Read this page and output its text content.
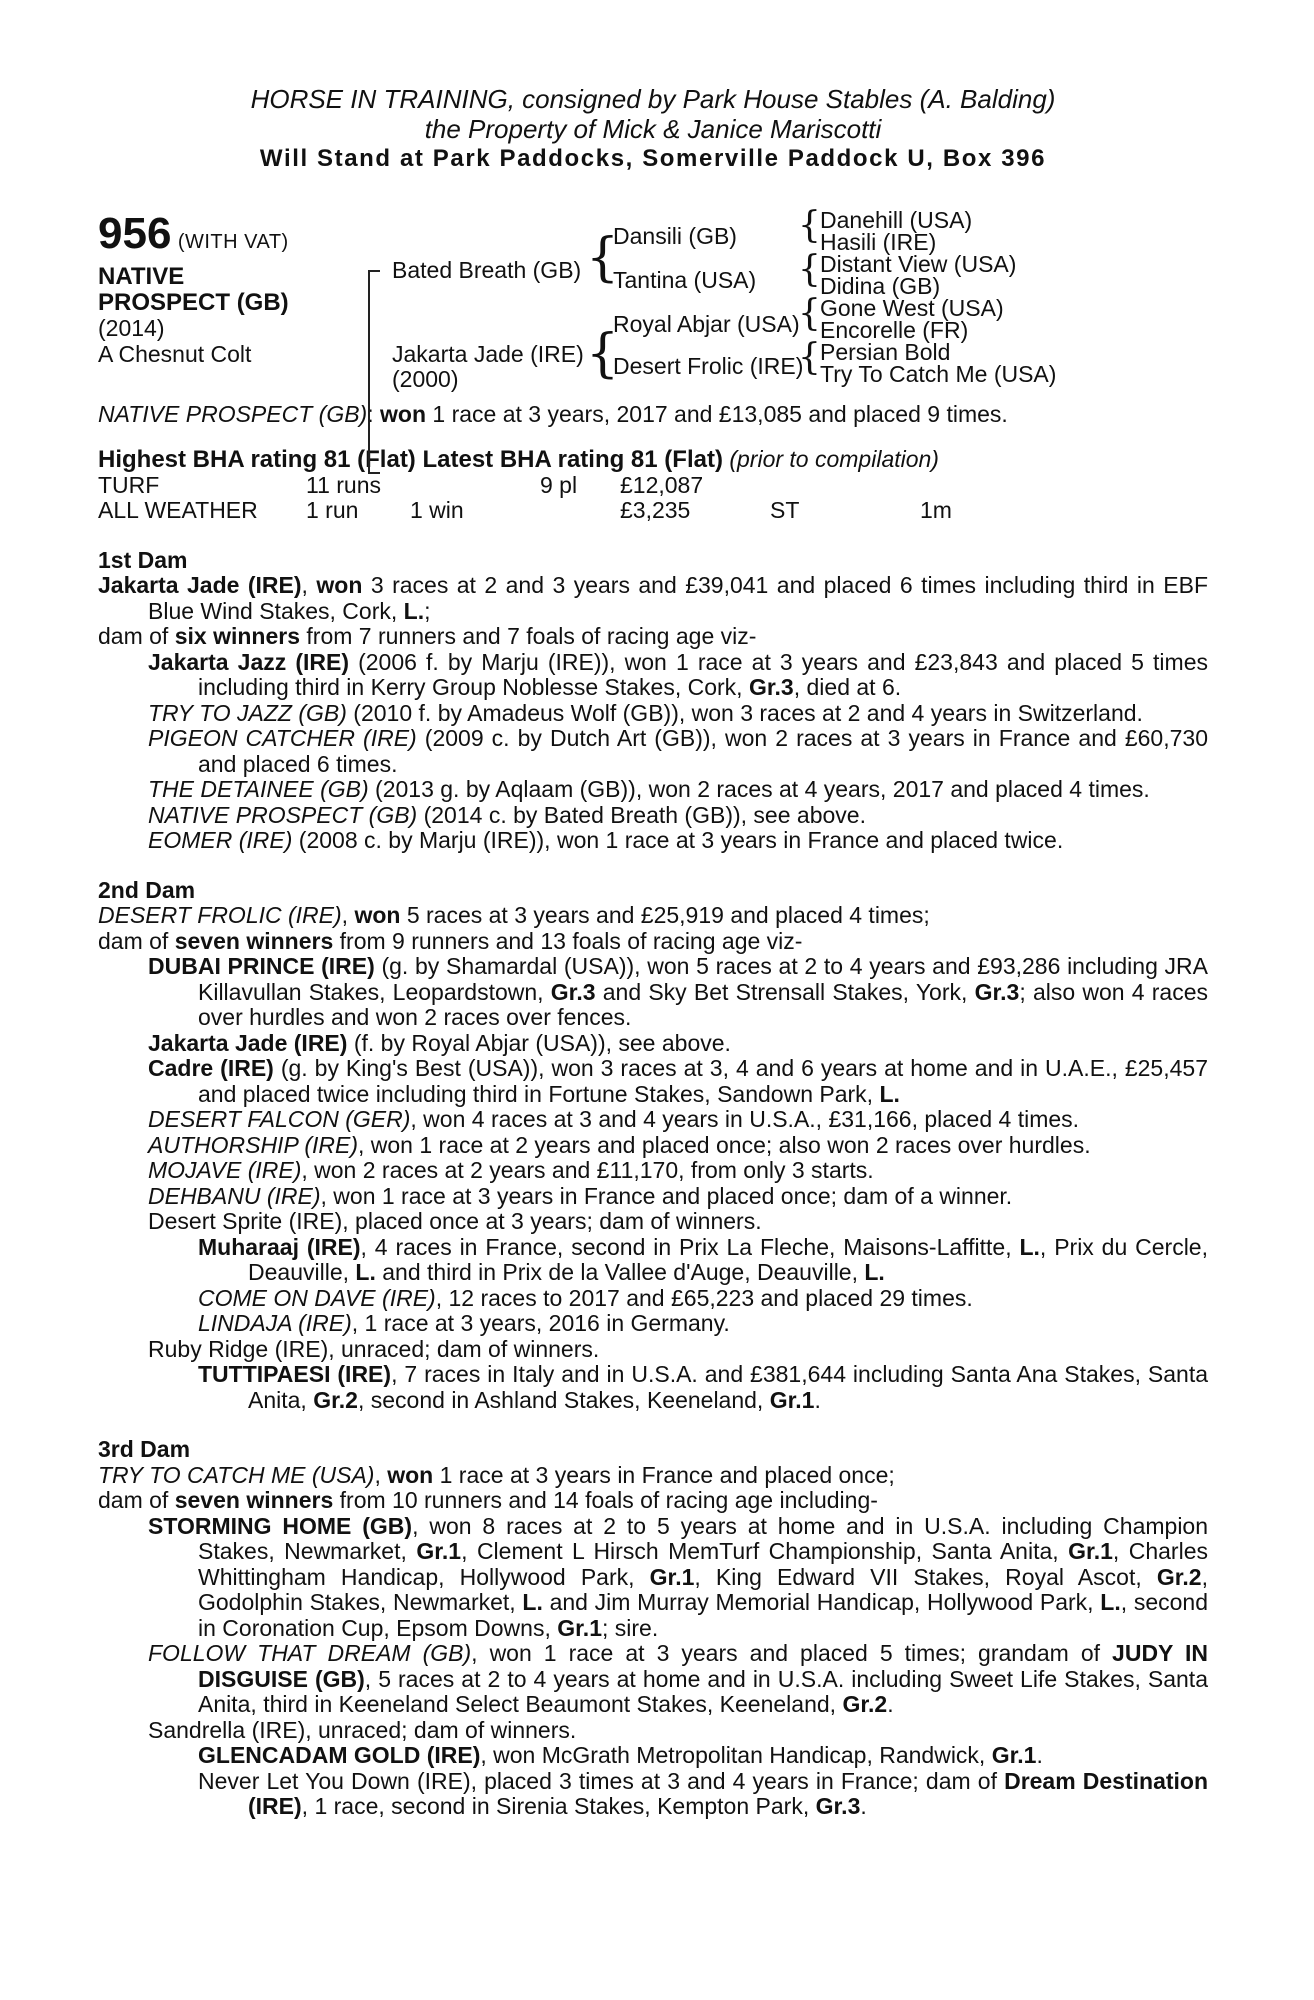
HORSE IN TRAINING, consigned by Park House Stables (A. Balding)
the Property of Mick & Janice Mariscotti
Will Stand at Park Paddocks, Somerville Paddock U, Box 396
956 (WITH VAT)
NATIVE
PROSPECT (GB)
(2014)
A Chesnut Colt
Bated Breath (GB)
Jakarta Jade (IRE)
(2000)
{
Dansili (GB)
Tantina (USA)
{
Royal Abjar (USA)
Desert Frolic (IRE)
{ Danehill (USA)
Hasili (IRE)
{ Distant View (USA)
Didina (GB)
{ Gone West (USA)
Encorelle (FR)
{ Persian Bold
Try To Catch Me (USA)

NATIVE PROSPECT (GB): won 1 race at 3 years, 2017 and £13,085 and placed 9 times.

Highest BHA rating 81 (Flat) Latest BHA rating 81 (Flat) (prior to compilation)

TURF	11 runs		9 pl	£12,087		
ALL WEATHER	1 run	1 win		£3,235	ST	1m

1st Dam

Jakarta Jade (IRE), won 3 races at 2 and 3 years and £39,041 and placed 6 times including third in EBF Blue Wind Stakes, Cork, L.;

dam of six winners from 7 runners and 7 foals of racing age viz-

Jakarta Jazz (IRE) (2006 f. by Marju (IRE)), won 1 race at 3 years and £23,843 and placed 5 times including third in Kerry Group Noblesse Stakes, Cork, Gr.3, died at 6.

TRY TO JAZZ (GB) (2010 f. by Amadeus Wolf (GB)), won 3 races at 2 and 4 years in Switzerland.

PIGEON CATCHER (IRE) (2009 c. by Dutch Art (GB)), won 2 races at 3 years in France and £60,730 and placed 6 times.

THE DETAINEE (GB) (2013 g. by Aqlaam (GB)), won 2 races at 4 years, 2017 and placed 4 times.

NATIVE PROSPECT (GB) (2014 c. by Bated Breath (GB)), see above.

EOMER (IRE) (2008 c. by Marju (IRE)), won 1 race at 3 years in France and placed twice.

2nd Dam

DESERT FROLIC (IRE), won 5 races at 3 years and £25,919 and placed 4 times;

dam of seven winners from 9 runners and 13 foals of racing age viz-

DUBAI PRINCE (IRE) (g. by Shamardal (USA)), won 5 races at 2 to 4 years and £93,286 including JRA Killavullan Stakes, Leopardstown, Gr.3 and Sky Bet Strensall Stakes, York, Gr.3; also won 4 races over hurdles and won 2 races over fences.

Jakarta Jade (IRE) (f. by Royal Abjar (USA)), see above.

Cadre (IRE) (g. by King's Best (USA)), won 3 races at 3, 4 and 6 years at home and in U.A.E., £25,457 and placed twice including third in Fortune Stakes, Sandown Park, L.

DESERT FALCON (GER), won 4 races at 3 and 4 years in U.S.A., £31,166, placed 4 times.

AUTHORSHIP (IRE), won 1 race at 2 years and placed once; also won 2 races over hurdles.

MOJAVE (IRE), won 2 races at 2 years and £11,170, from only 3 starts.

DEHBANU (IRE), won 1 race at 3 years in France and placed once; dam of a winner.

Desert Sprite (IRE), placed once at 3 years; dam of winners.

Muharaaj (IRE), 4 races in France, second in Prix La Fleche, Maisons-Laffitte, L., Prix du Cercle, Deauville, L. and third in Prix de la Vallee d'Auge, Deauville, L.

COME ON DAVE (IRE), 12 races to 2017 and £65,223 and placed 29 times.

LINDAJA (IRE), 1 race at 3 years, 2016 in Germany.

Ruby Ridge (IRE), unraced; dam of winners.

TUTTIPAESI (IRE), 7 races in Italy and in U.S.A. and £381,644 including Santa Ana Stakes, Santa Anita, Gr.2, second in Ashland Stakes, Keeneland, Gr.1.

3rd Dam

TRY TO CATCH ME (USA), won 1 race at 3 years in France and placed once;

dam of seven winners from 10 runners and 14 foals of racing age including-

STORMING HOME (GB), won 8 races at 2 to 5 years at home and in U.S.A. including Champion Stakes, Newmarket, Gr.1, Clement L Hirsch MemTurf Championship, Santa Anita, Gr.1, Charles Whittingham Handicap, Hollywood Park, Gr.1, King Edward VII Stakes, Royal Ascot, Gr.2, Godolphin Stakes, Newmarket, L. and Jim Murray Memorial Handicap, Hollywood Park, L., second in Coronation Cup, Epsom Downs, Gr.1; sire.

FOLLOW THAT DREAM (GB), won 1 race at 3 years and placed 5 times; grandam of JUDY IN DISGUISE (GB), 5 races at 2 to 4 years at home and in U.S.A. including Sweet Life Stakes, Santa Anita, third in Keeneland Select Beaumont Stakes, Keeneland, Gr.2.

Sandrella (IRE), unraced; dam of winners.

GLENCADAM GOLD (IRE), won McGrath Metropolitan Handicap, Randwick, Gr.1.

Never Let You Down (IRE), placed 3 times at 3 and 4 years in France; dam of Dream Destination (IRE), 1 race, second in Sirenia Stakes, Kempton Park, Gr.3.
